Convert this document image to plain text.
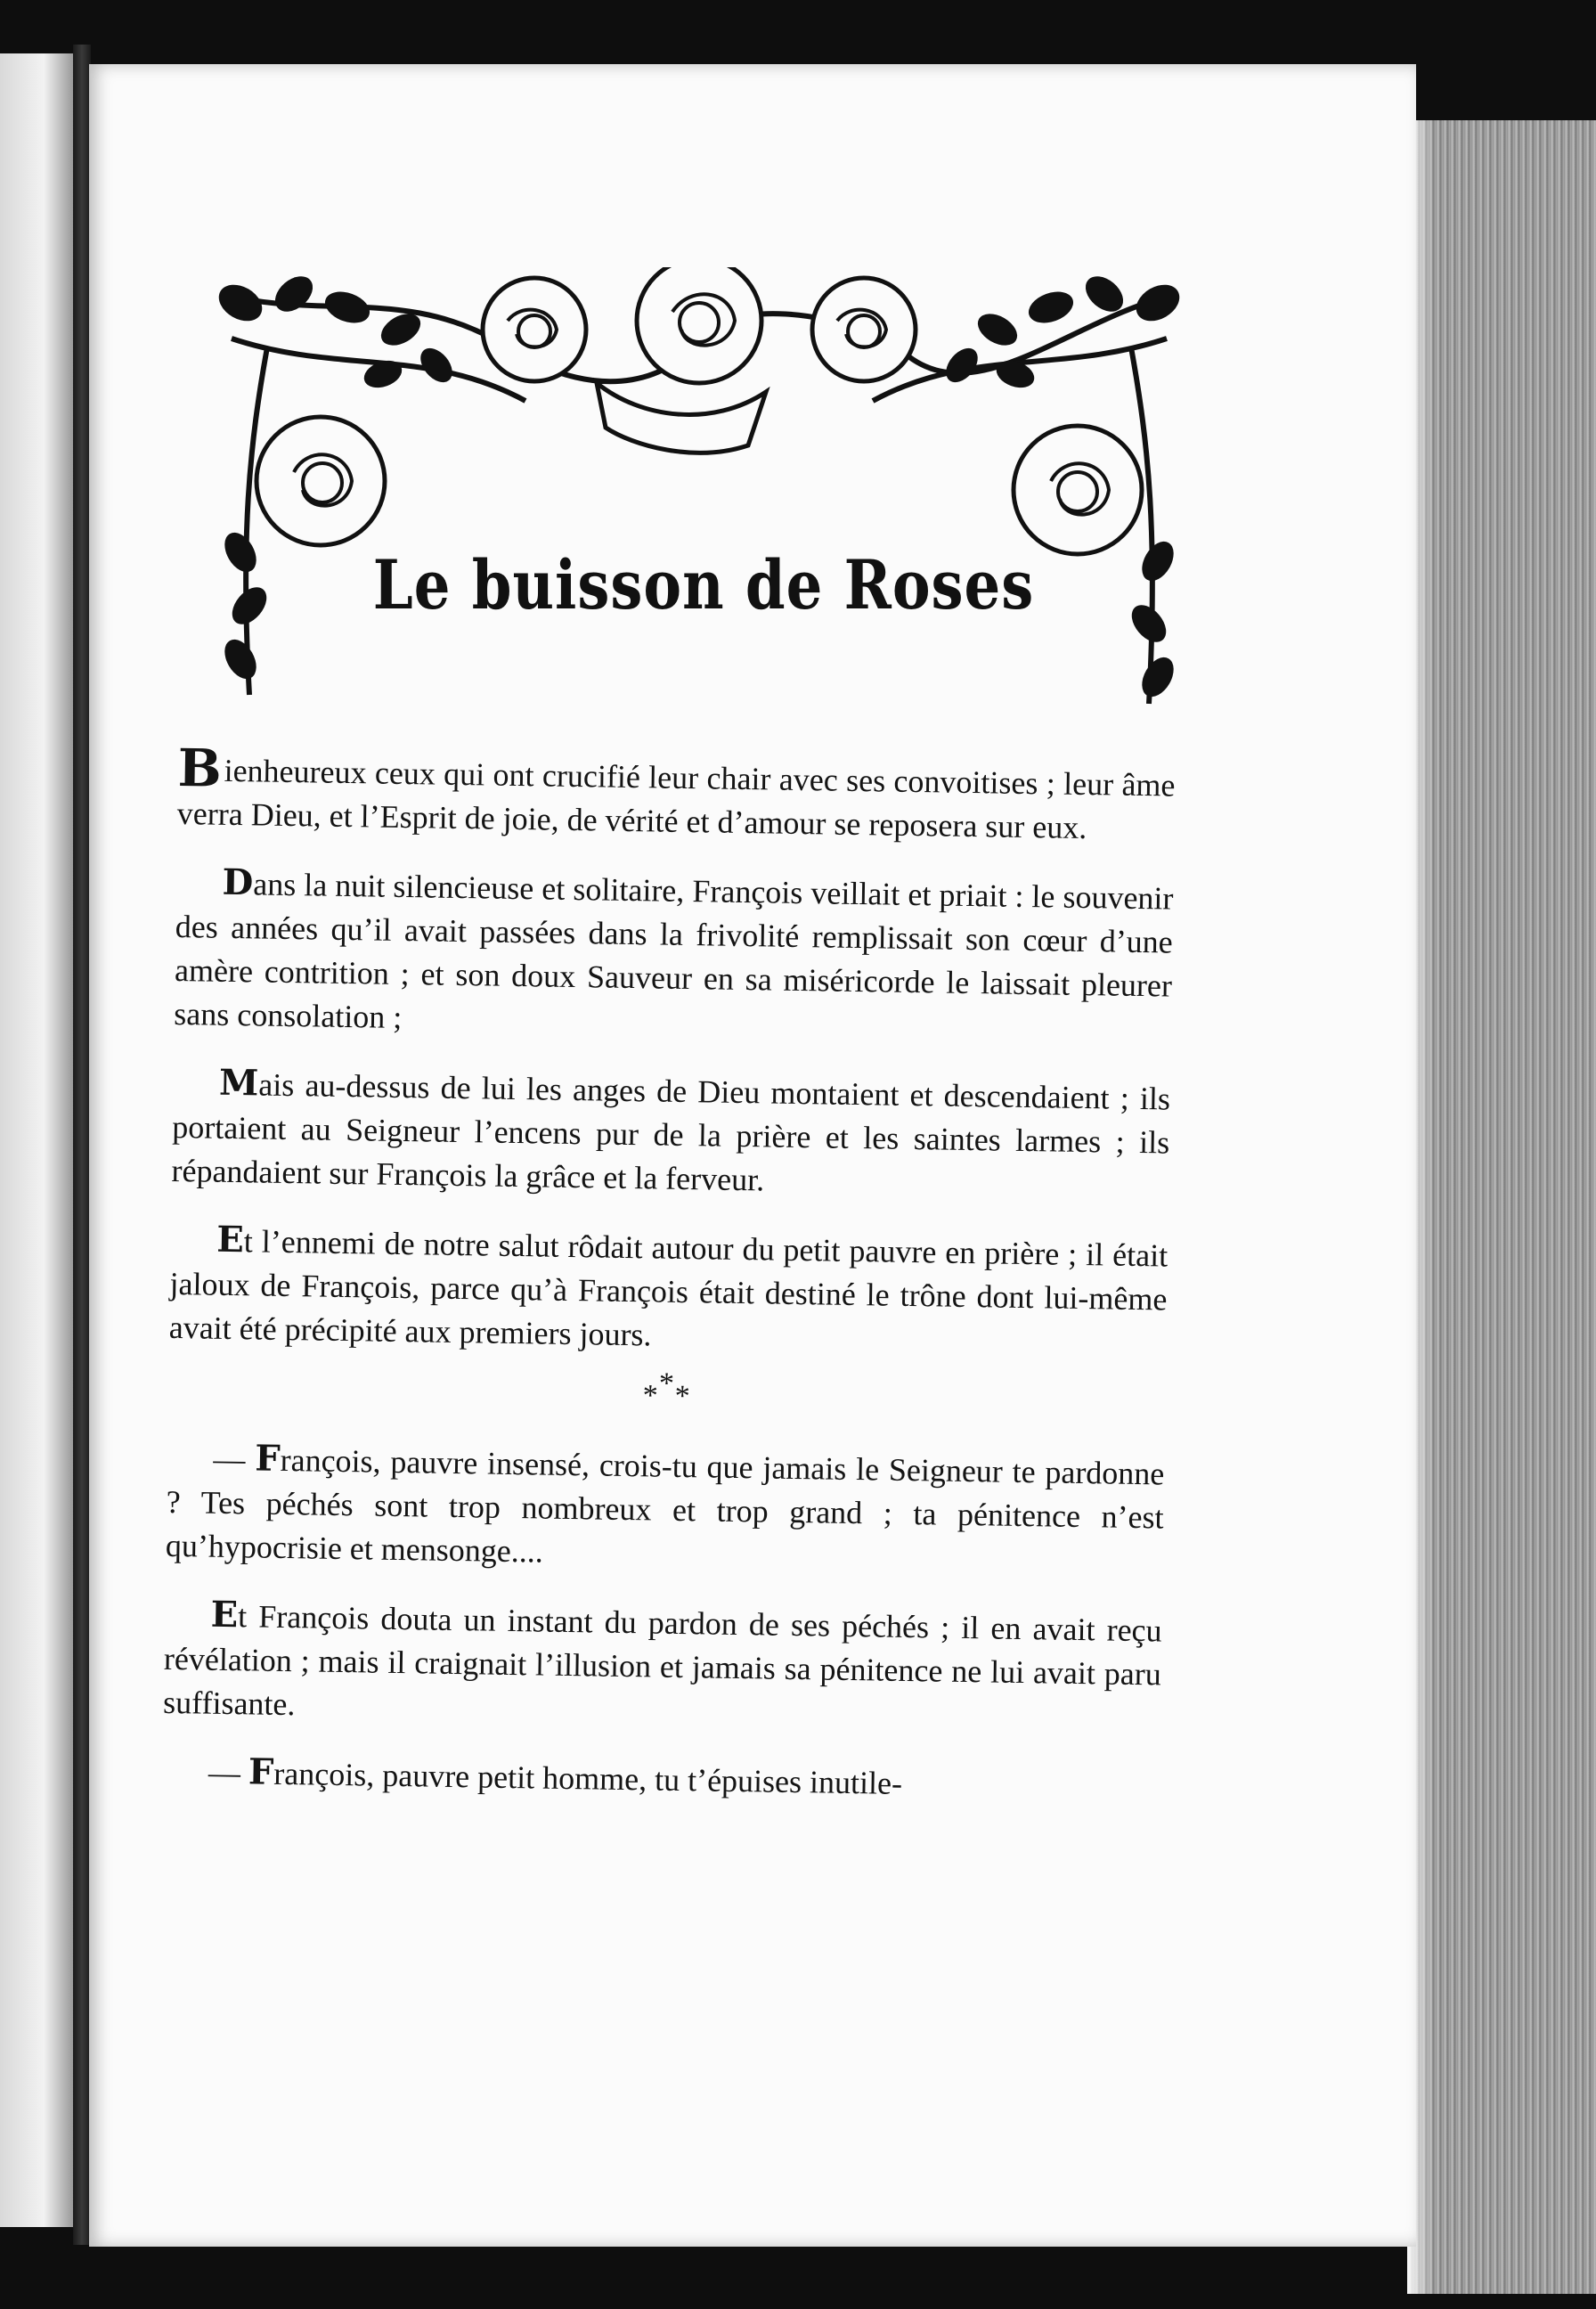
Le buisson de Roses

Bienheureux ceux qui ont crucifié leur chair avec ses convoitises ; leur âme verra Dieu, et l’Esprit de joie, de vérité et d’amour se reposera sur eux.

Dans la nuit silencieuse et solitaire, François veillait et priait : le souvenir des années qu’il avait passées dans la frivolité remplissait son cœur d’une amère contrition ; et son doux Sauveur en sa miséricorde le laissait pleurer sans consolation ;

Mais au-dessus de lui les anges de Dieu montaient et descendaient ; ils portaient au Seigneur l’encens pur de la prière et les saintes larmes ; ils répandaient sur François la grâce et la ferveur.

Et l’ennemi de notre salut rôdait autour du petit pauvre en prière ; il était jaloux de François, parce qu’à François était destiné le trône dont lui-même avait été précipité aux premiers jours.

***

— François, pauvre insensé, crois-tu que jamais le Seigneur te pardonne ? Tes péchés sont trop nombreux et trop grand ; ta pénitence n’est qu’hypocrisie et mensonge....

Et François douta un instant du pardon de ses péchés ; il en avait reçu révélation ; mais il craignait l’illusion et jamais sa pénitence ne lui avait paru suffisante.

— François, pauvre petit homme, tu t’épuises inutile-
